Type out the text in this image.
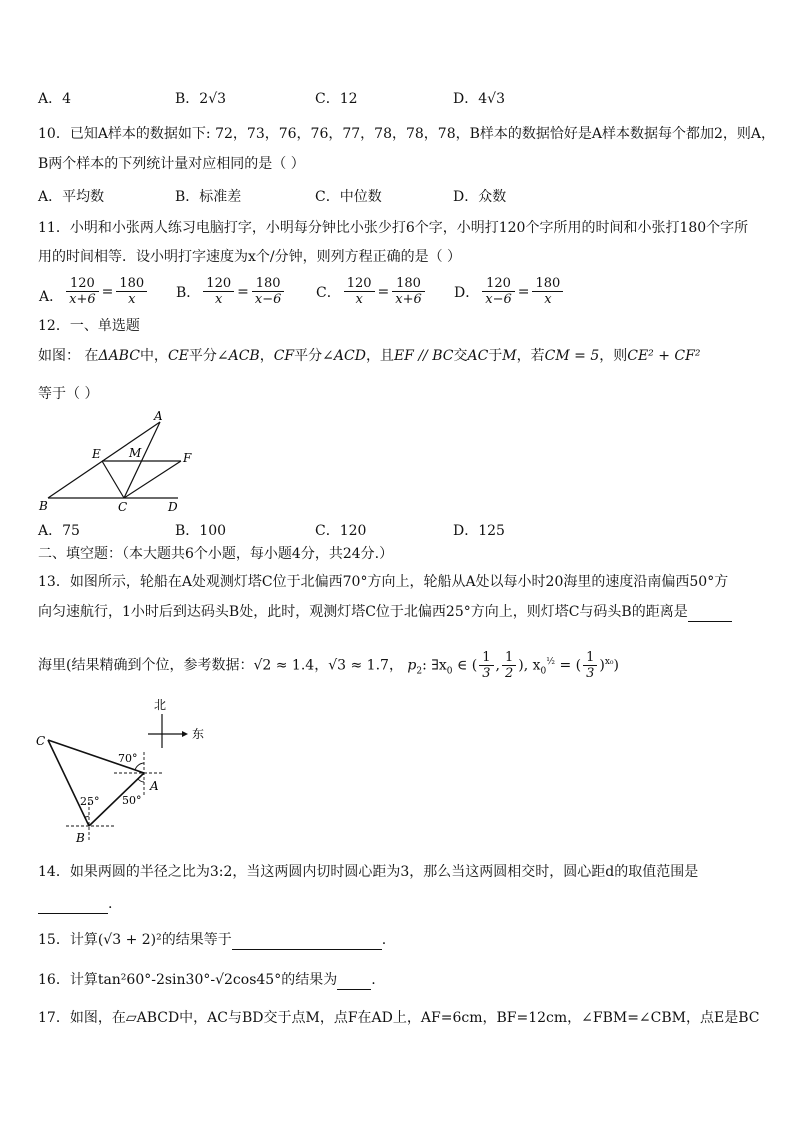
A．4	B．2√3	C．12	D．4√3
10．已知A样本的数据如下: 72，73，76，76，77，78，78，78，B样本的数据恰好是A样本数据每个都加2，则A，
B两个样本的下列统计量对应相同的是（ ）
A．平均数	B．标准差	C．中位数	D．众数
11．小明和小张两人练习电脑打字，小明每分钟比小张少打6个字，小明打120个字所用的时间和小张打180个字所
用的时间相等．设小明打字速度为x个/分钟，则列方程正确的是（ ）
A． $\frac{120}{x+6} = \frac{180}{x}$ B． $\frac{120}{x} = \frac{180}{x-6}$ C． $\frac{120}{x} = \frac{180}{x+6}$ D． $\frac{120}{x-6} = \frac{180}{x}$
12．一、单选题
如图： 在ΔABC中，CE平分∠ACB，CF平分∠ACD，且EF // BC交AC于M，若CM = 5，则CE² + CF²
等于（ ）
A
E M	F
B	C	D
A．75	B．100	C．120	D．125
二、填空题：（本大题共6个小题，每小题4分，共24分.）
13．如图所示，轮船在A处观测灯塔C位于北偏西70°方向上，轮船从A处以每小时20海里的速度沿南偏西50°方
向匀速航行，1小时后到达码头B处，此时，观测灯塔C位于北偏西25°方向上，则灯塔C与码头B的距离是
海里(结果精确到个位，参考数据：√2 ≈ 1.4，√3 ≈ 1.7， $p_2$: $\exists x_0$ ∈ ( $\frac{1}{3}$ , $\frac{1}{2}$ ), $x_0^{\frac{1}{2}}$ = ( $\frac{1}{3} )^{x_0}$)
北
东
C
A
B
70°
50°
25°
14．如果两圆的半径之比为3:2，当这两圆内切时圆心距为3，那么当这两圆相交时，圆心距d的取值范围是
.
15．计算(√3 + 2)²的结果等于	.
16．计算tan²60°-2sin30°-√2cos45°的结果为 .
17．如图，在▱ABCD中，AC与BD交于点M，点F在AD上，AF=6cm，BF=12cm，∠FBM=∠CBM，点E是BC
